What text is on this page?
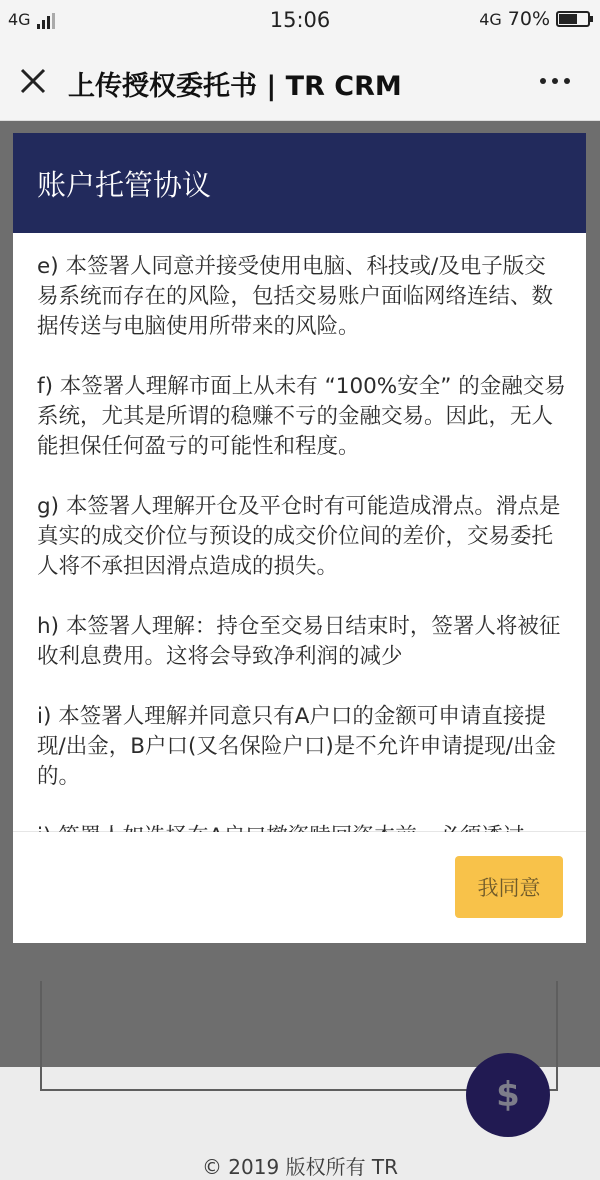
$
© 2019 版权所有 TR
4G	15:06	4G 70%
上传授权委托书 | TR CRM
账户托管协议

e) 本签署人同意并接受使用电脑、科技或/及电子版交易系统而存在的风险，包括交易账户面临网络连结、数据传送与电脑使用所带来的风险。

f) 本签署人理解市面上从未有 “100%安全” 的金融交易系统，尤其是所谓的稳赚不亏的金融交易。因此，无人能担保任何盈亏的可能性和程度。

g) 本签署人理解开仓及平仓时有可能造成滑点。滑点是真实的成交价位与预设的成交价位间的差价，交易委托人将不承担因滑点造成的损失。

h) 本签署人理解：持仓至交易日结束时，签署人将被征收利息费用。这将会导致净利润的减少

i) 本签署人理解并同意只有A户口的金额可申请直接提现/出金，B户口(又名保险户口)是不允许申请提现/出金的。

我同意
